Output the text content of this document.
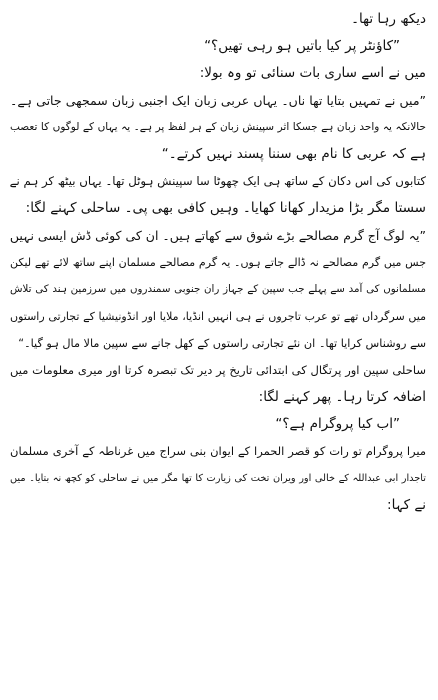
دیکھ رہا تھا۔
”کاؤنٹر پر کیا باتیں ہو رہی تھیں؟“
میں نے اسے ساری بات سنائی تو وہ بولا:
”میں نے تمہیں بتایا تھا ناں۔ یہاں عربی زبان ایک اجنبی زبان سمجھی جاتی ہے۔
حالانکہ یہ واحد زبان ہے جسکا اثر سپینش زبان کے ہر لفظ پر ہے۔ یہ یہاں کے لوگوں کا تعصب
ہے کہ عربی کا نام بھی سننا پسند نہیں کرتے۔“
کتابوں کی اس دکان کے ساتھ ہی ایک چھوٹا سا سپینش ہوٹل تھا۔ یہاں بیٹھ کر ہم نے
سستا مگر بڑا مزیدار کھانا کھایا۔ وہیں کافی بھی پی۔ ساحلی کہنے لگا:
”یہ لوگ آج گرم مصالحے بڑے شوق سے کھاتے ہیں۔ ان کی کوئی ڈش ایسی نہیں
جس میں گرم مصالحے نہ ڈالے جاتے ہوں۔ یہ گرم مصالحے مسلمان اپنے ساتھ لائے تھے لیکن
مسلمانوں کی آمد سے پہلے جب سپین کے جہاز ران جنوبی سمندروں میں سرزمین ہند کی تلاش
میں سرگرداں تھے تو عرب تاجروں نے ہی انہیں انڈیا، ملایا اور انڈونیشیا کے تجارتی راستوں
سے روشناس کرایا تھا۔ ان نئے تجارتی راستوں کے کھل جانے سے سپین مالا مال ہو گیا۔“
ساحلی سپین اور پرتگال کی ابتدائی تاریخ پر دیر تک تبصرہ کرتا اور میری معلومات میں
اضافہ کرتا رہا۔ پھر کہنے لگا:
”اب کیا پروگرام ہے؟“
میرا پروگرام تو رات کو قصر الحمرا کے ایوان بنی سراج میں غرناطہ کے آخری مسلمان
تاجدار ابی عبداللہ کے خالی اور ویران تخت کی زیارت کا تھا مگر میں نے ساحلی کو کچھ نہ بتایا۔ میں
نے کہا:
